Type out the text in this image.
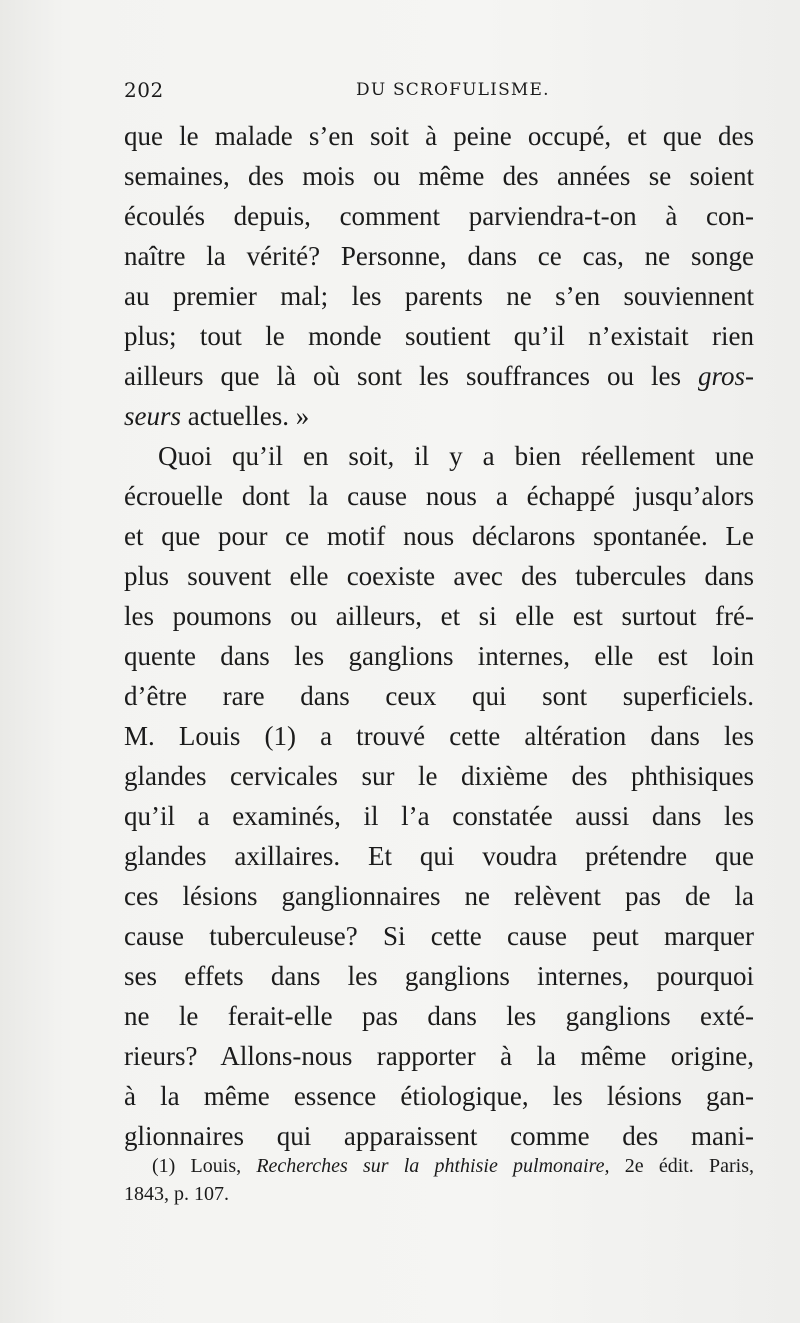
202	DU SCROFULISME.
que le malade s’en soit à peine occupé, et que des
semaines, des mois ou même des années se soient
écoulés depuis, comment parviendra-t-on à con-
naître la vérité? Personne, dans ce cas, ne songe
au premier mal; les parents ne s’en souviennent
plus; tout le monde soutient qu’il n’existait rien
ailleurs que là où sont les souffrances ou les gros-
seurs actuelles. »
Quoi qu’il en soit, il y a bien réellement une
écrouelle dont la cause nous a échappé jusqu’alors
et que pour ce motif nous déclarons spontanée. Le
plus souvent elle coexiste avec des tubercules dans
les poumons ou ailleurs, et si elle est surtout fré-
quente dans les ganglions internes, elle est loin
d’être rare dans ceux qui sont superficiels.
M. Louis (1) a trouvé cette altération dans les
glandes cervicales sur le dixième des phthisiques
qu’il a examinés, il l’a constatée aussi dans les
glandes axillaires. Et qui voudra prétendre que
ces lésions ganglionnaires ne relèvent pas de la
cause tuberculeuse? Si cette cause peut marquer
ses effets dans les ganglions internes, pourquoi
ne le ferait-elle pas dans les ganglions exté-
rieurs? Allons-nous rapporter à la même origine,
à la même essence étiologique, les lésions gan-
glionnaires qui apparaissent comme des mani-
(1) Louis, Recherches sur la phthisie pulmonaire, 2e édit. Paris,
1843, p. 107.
